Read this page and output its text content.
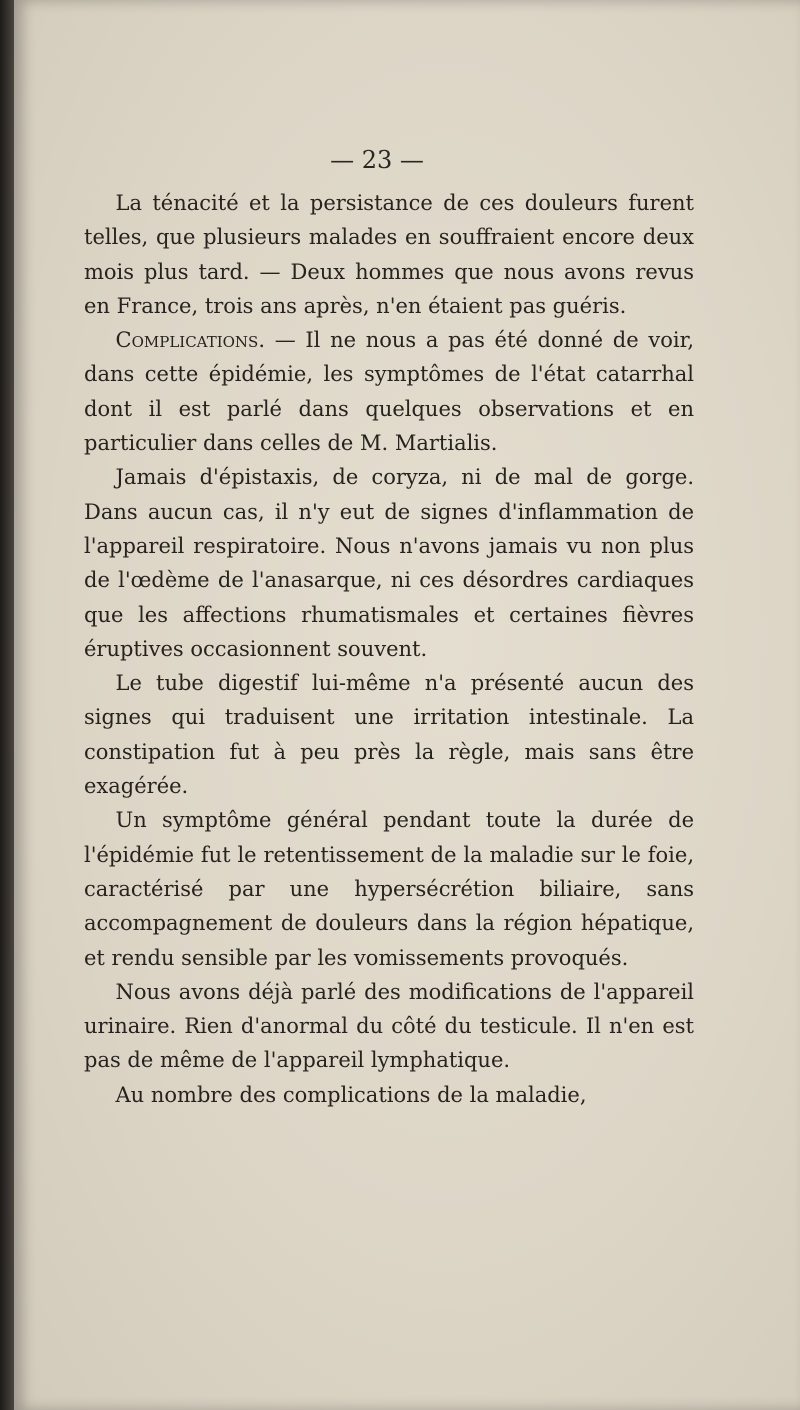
— 23 —

La ténacité et la persistance de ces douleurs furent telles, que plusieurs malades en souffraient encore deux mois plus tard. — Deux hommes que nous avons revus en France, trois ans après, n'en étaient pas guéris.

Complications. — Il ne nous a pas été donné de voir, dans cette épidémie, les symptômes de l'état catarrhal dont il est parlé dans quelques observations et en particulier dans celles de M. Martialis.

Jamais d'épistaxis, de coryza, ni de mal de gorge. Dans aucun cas, il n'y eut de signes d'inflammation de l'appareil respiratoire. Nous n'avons jamais vu non plus de l'œdème de l'anasarque, ni ces désordres cardiaques que les affections rhumatismales et certaines fièvres éruptives occasionnent souvent.

Le tube digestif lui-même n'a présenté aucun des signes qui traduisent une irritation intestinale. La constipation fut à peu près la règle, mais sans être exagérée.

Un symptôme général pendant toute la durée de l'épidémie fut le retentissement de la maladie sur le foie, caractérisé par une hypersécrétion biliaire, sans accompagnement de douleurs dans la région hépatique, et rendu sensible par les vomissements provoqués.

Nous avons déjà parlé des modifications de l'appareil urinaire. Rien d'anormal du côté du testicule. Il n'en est pas de même de l'appareil lymphatique.

Au nombre des complications de la maladie,
